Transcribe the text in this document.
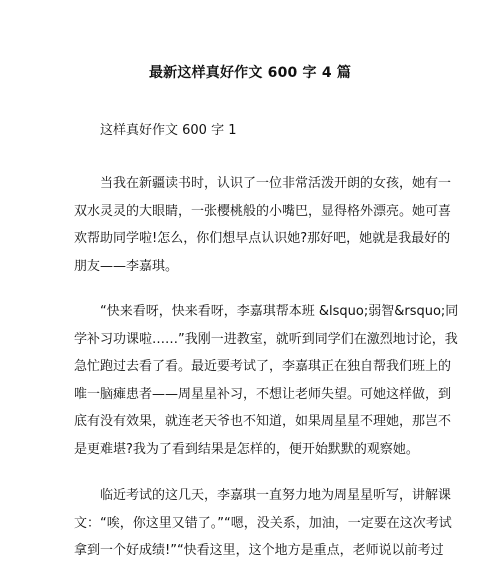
最新这样真好作文 600 字 4 篇
这样真好作文 600 字 1
当我在新疆读书时，认识了一位非常活泼开朗的女孩，她有一
双水灵灵的大眼睛，一张樱桃般的小嘴巴，显得格外漂亮。她可喜
欢帮助同学啦!怎么，你们想早点认识她?那好吧，她就是我最好的
朋友——李嘉琪。
“快来看呀，快来看呀，李嘉琪帮本班 &lsquo;弱智&rsquo;同
学补习功课啦……”我刚一进教室，就听到同学们在激烈地讨论，我
急忙跑过去看了看。最近要考试了，李嘉琪正在独自帮我们班上的
唯一脑瘫患者——周星星补习，不想让老师失望。可她这样做，到
底有没有效果，就连老天爷也不知道，如果周星星不理她，那岂不
是更难堪?我为了看到结果是怎样的，便开始默默的观察她。
临近考试的这几天，李嘉琪一直努力地为周星星听写，讲解课
文：“唉，你这里又错了。”“嗯，没关系，加油，一定要在这次考试
拿到一个好成绩!”“快看这里，这个地方是重点，老师说以前考过
